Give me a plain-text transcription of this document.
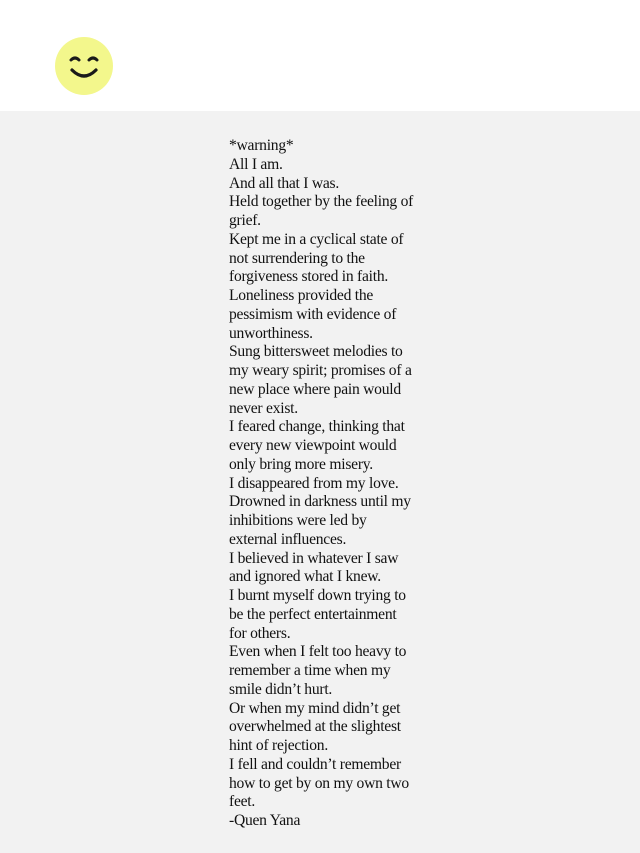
*warning*
All I am.
And all that I was.
Held together by the feeling of
grief.
Kept me in a cyclical state of
not surrendering to the
forgiveness stored in faith.
Loneliness provided the
pessimism with evidence of
unworthiness.
Sung bittersweet melodies to
my weary spirit; promises of a
new place where pain would
never exist.
I feared change, thinking that
every new viewpoint would
only bring more misery.
I disappeared from my love.
Drowned in darkness until my
inhibitions were led by
external influences.
I believed in whatever I saw
and ignored what I knew.
I burnt myself down trying to
be the perfect entertainment
for others.
Even when I felt too heavy to
remember a time when my
smile didn’t hurt.
Or when my mind didn’t get
overwhelmed at the slightest
hint of rejection.
I fell and couldn’t remember
how to get by on my own two
feet.
-Quen Yana
